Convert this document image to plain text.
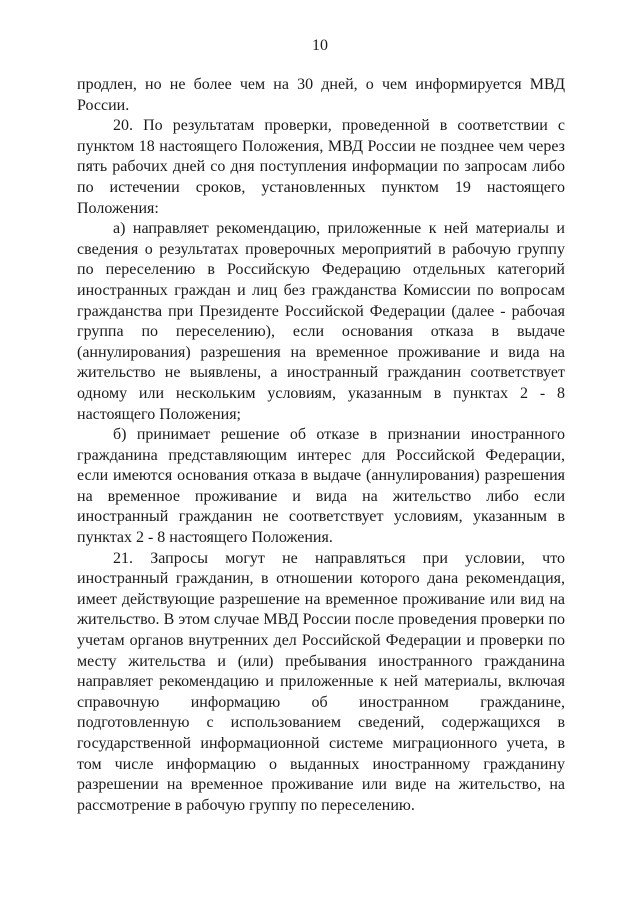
10

продлен, но не более чем на 30 дней, о чем информируется МВД России.

20. По результатам проверки, проведенной в соответствии с пунктом 18 настоящего Положения, МВД России не позднее чем через пять рабочих дней со дня поступления информации по запросам либо по истечении сроков, установленных пунктом 19 настоящего Положения:

а) направляет рекомендацию, приложенные к ней материалы и сведения о результатах проверочных мероприятий в рабочую группу по переселению в Российскую Федерацию отдельных категорий иностранных граждан и лиц без гражданства Комиссии по вопросам гражданства при Президенте Российской Федерации (далее - рабочая группа по переселению), если основания отказа в выдаче (аннулирования) разрешения на временное проживание и вида на жительство не выявлены, а иностранный гражданин соответствует одному или нескольким условиям, указанным в пунктах 2 - 8 настоящего Положения;

б) принимает решение об отказе в признании иностранного гражданина представляющим интерес для Российской Федерации, если имеются основания отказа в выдаче (аннулирования) разрешения на временное проживание и вида на жительство либо если иностранный гражданин не соответствует условиям, указанным в пунктах 2 - 8 настоящего Положения.

21. Запросы могут не направляться при условии, что иностранный гражданин, в отношении которого дана рекомендация, имеет действующие разрешение на временное проживание или вид на жительство. В этом случае МВД России после проведения проверки по учетам органов внутренних дел Российской Федерации и проверки по месту жительства и (или) пребывания иностранного гражданина направляет рекомендацию и приложенные к ней материалы, включая справочную информацию об иностранном гражданине, подготовленную с использованием сведений, содержащихся в государственной информационной системе миграционного учета, в том числе информацию о выданных иностранному гражданину разрешении на временное проживание или виде на жительство, на рассмотрение в рабочую группу по переселению.
